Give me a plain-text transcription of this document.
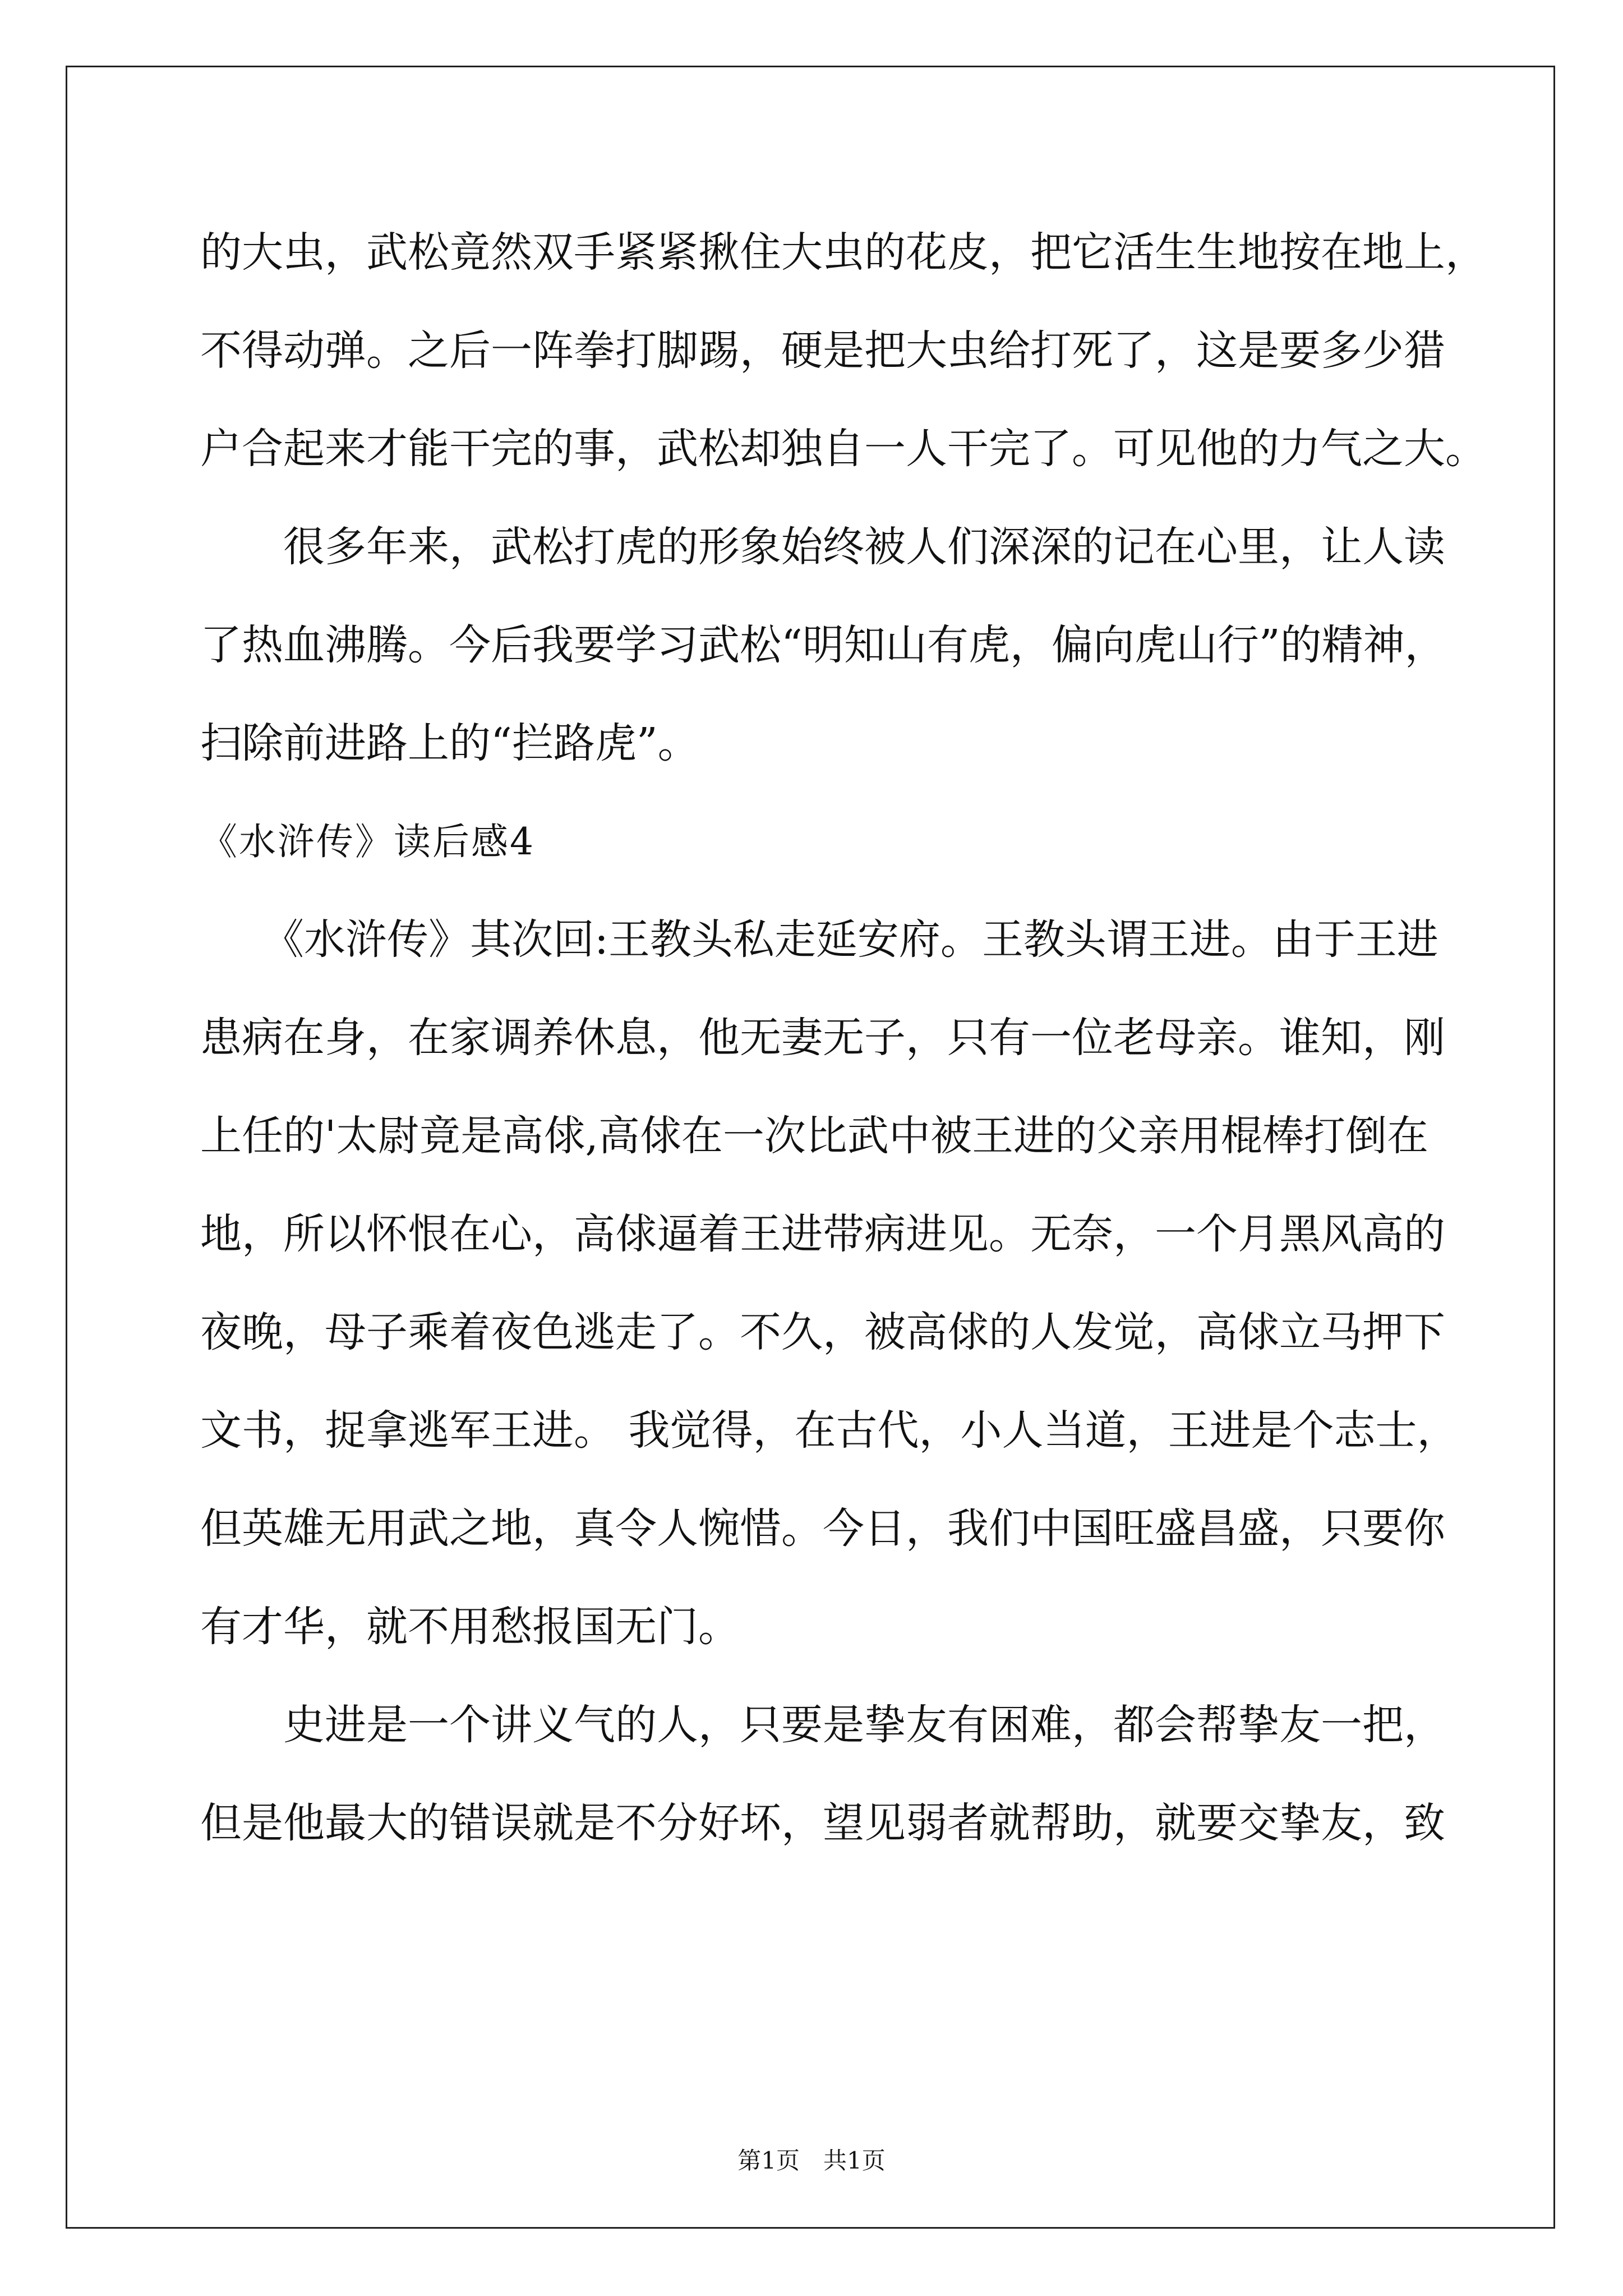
的大虫，武松竟然双手紧紧揪住大虫的花皮，把它活生生地按在地上，
不得动弹。之后一阵拳打脚踢，硬是把大虫给打死了，这是要多少猎
户合起来才能干完的事，武松却独自一人干完了。可见他的力气之大。
　　很多年来，武松打虎的形象始终被人们深深的记在心里，让人读
了热血沸腾。今后我要学习武松“明知山有虎，偏向虎山行”的精神，
扫除前进路上的“拦路虎”。
《水浒传》读后感4
　　《水浒传》其次回:王教头私走延安府。王教头谓王进。由于王进
患病在身，在家调养休息，他无妻无子，只有一位老母亲。谁知，刚
上任的'太尉竟是高俅,高俅在一次比武中被王进的父亲用棍棒打倒在
地，所以怀恨在心，高俅逼着王进带病进见。无奈，一个月黑风高的
夜晚，母子乘着夜色逃走了。不久，被高俅的人发觉，高俅立马押下
文书，捉拿逃军王进。 我觉得，在古代，小人当道，王进是个志士，
但英雄无用武之地，真令人惋惜。今日，我们中国旺盛昌盛，只要你
有才华，就不用愁报国无门。
　　史进是一个讲义气的人，只要是挚友有困难，都会帮挚友一把，
但是他最大的错误就是不分好坏，望见弱者就帮助，就要交挚友，致
第1页　共1页
